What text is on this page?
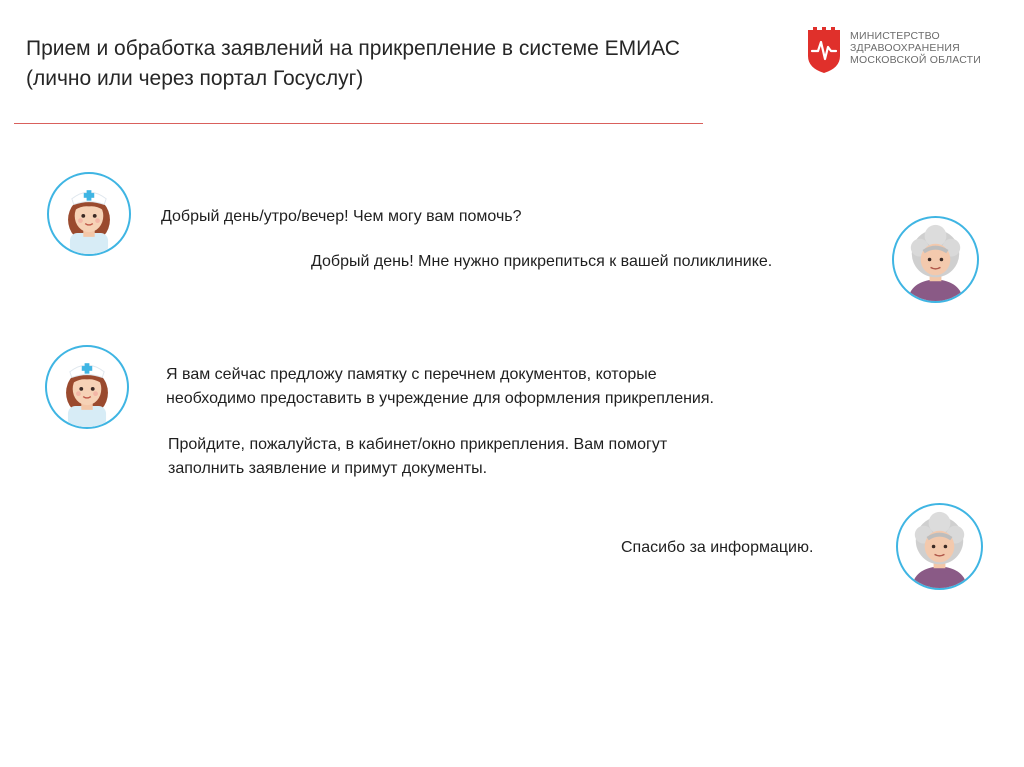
Прием и обработка заявлений на прикрепление в системе ЕМИАС
(лично или через портал Госуслуг)
МИНИСТЕРСТВО
ЗДРАВООХРАНЕНИЯ
МОСКОВСКОЙ ОБЛАСТИ
Добрый день/утро/вечер! Чем могу вам помочь?
Добрый день! Мне нужно прикрепиться к вашей поликлинике.
Я вам сейчас предложу памятку с перечнем документов, которые
необходимо предоставить в учреждение для оформления прикрепления.
Пройдите, пожалуйста, в кабинет/окно прикрепления. Вам помогут
заполнить заявление и примут документы.
Спасибо за информацию.
